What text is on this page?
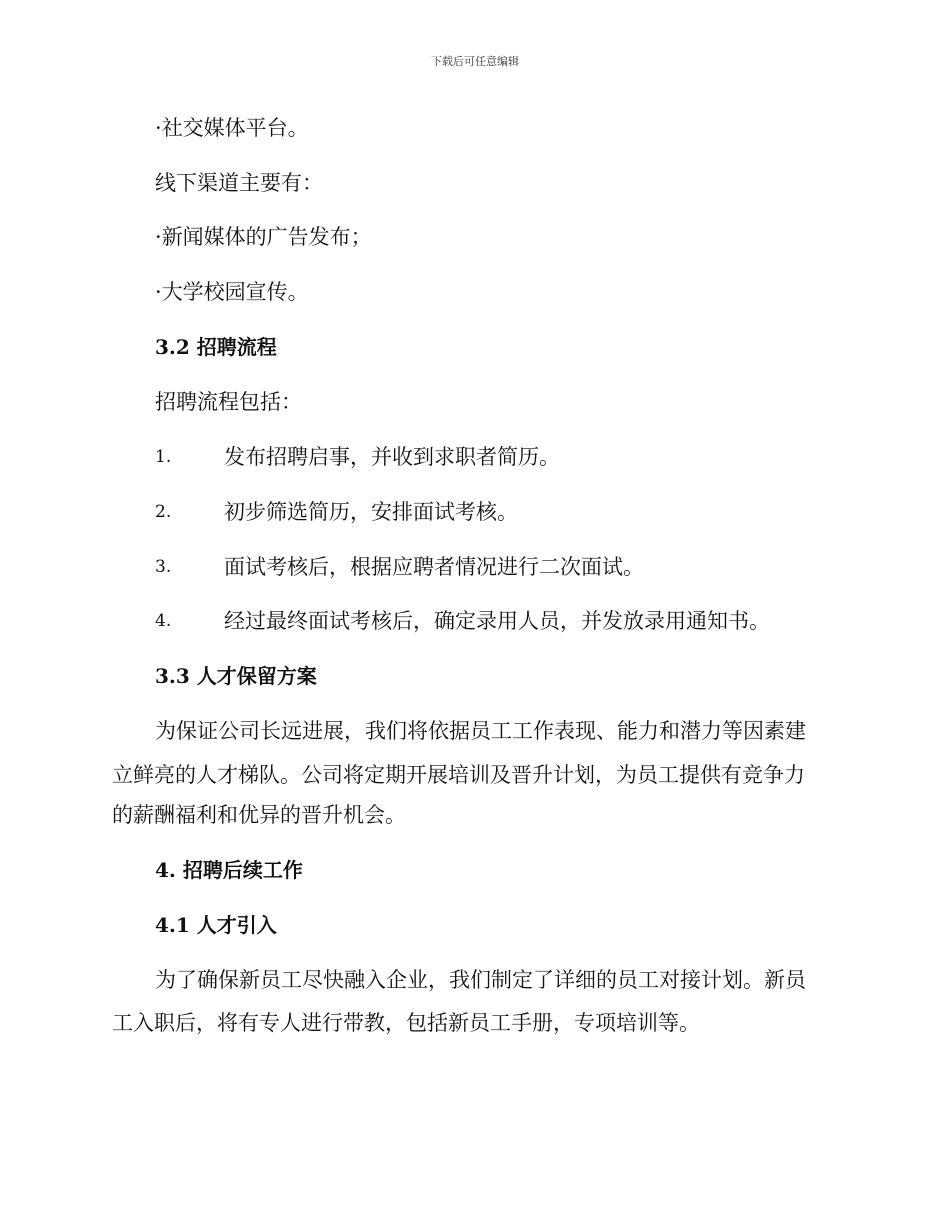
下载后可任意编辑
·社交媒体平台。
线下渠道主要有：
·新闻媒体的广告发布；
·大学校园宣传。
3.2 招聘流程
招聘流程包括：
1.	发布招聘启事，并收到求职者简历。
2.	初步筛选简历，安排面试考核。
3.	面试考核后，根据应聘者情况进行二次面试。
4.	经过最终面试考核后，确定录用人员，并发放录用通知书。
3.3 人才保留方案
为保证公司长远进展，我们将依据员工工作表现、能力和潜力等因素建
立鲜亮的人才梯队。公司将定期开展培训及晋升计划，为员工提供有竞争力
的薪酬福利和优异的晋升机会。
4. 招聘后续工作
4.1 人才引入
为了确保新员工尽快融入企业，我们制定了详细的员工对接计划。新员
工入职后，将有专人进行带教，包括新员工手册，专项培训等。
